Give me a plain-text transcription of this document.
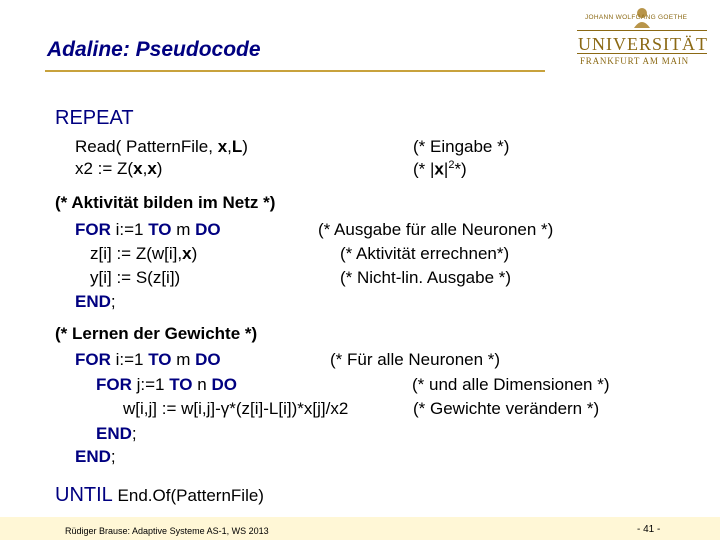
Adaline: Pseudocode
JOHANN WOLFGANG GOETHE
UNIVERSITÄT
FRANKFURT AM MAIN
REPEAT
Read( PatternFile, x,L)	(* Eingabe *)
x2 := Z(x,x)	(* $|x|^2*$)
(* Aktivität bilden im Netz *)
FOR i:=1 TO m DO	(* Ausgabe für alle Neuronen *)
z[i] := Z(w[i],x)	(* Aktivität errechnen*)
y[i] := S(z[i])	(* Nicht-lin. Ausgabe *)
END;
(* Lernen der Gewichte *)
FOR i:=1 TO m DO	(* Für alle Neuronen *)
FOR j:=1 TO n DO	(* und alle Dimensionen *)
w[i,j] := w[i,j]-γ*(z[i]-L[i])*x[j]/x2	(* Gewichte verändern *)
END;
END;
UNTIL End.Of(PatternFile)
Rüdiger Brause: Adaptive Systeme AS-1, WS 2013	- 41 -
